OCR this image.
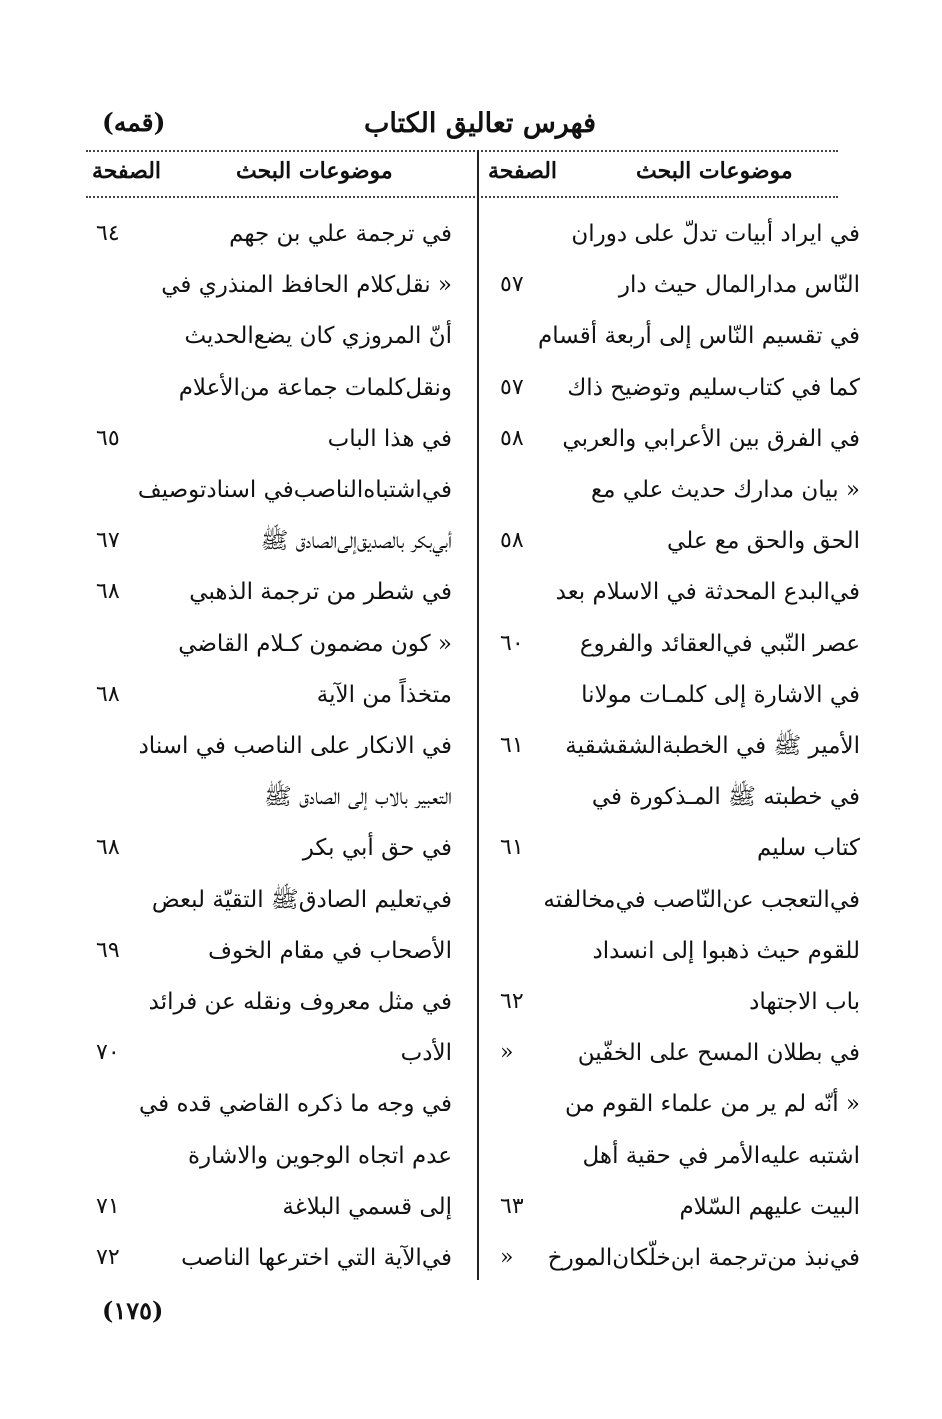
فهرس تعاليق الكتاب
(قمه)
موضوعات البحث
الصفحة
موضوعات البحث
الصفحة
في ايراد أبيات تدلّ على دوران
النّاس مدارالمال حيث دار
٥٧
في تقسيم النّاس إلى أربعة أقسام
كما في كتاب‌سليم وتوضيح ذاك
٥٧
في الفرق بين الأعرابي والعربي
٥٨
« بيان مدارك حديث علي مع
الحق والحق مع علي
٥٨
في‌البدع المحدثة في الاسلام بعد
عصر النّبي في‌العقائد والفروع
٦٠
في الاشارة إلى كلمـات مولانا
الأمير ﷺ في الخطبة‌الشقشقية
٦١
في خطبته ﷺ المـذكورة في
كتاب سليم
٦١
في‌التعجب عن‌النّاصب في‌مخالفته
للقوم حيث ذهبوا إلى انسداد
باب الاجتهاد
٦٢
في بطلان المسح على الخفّين
«
« أنّه لم ير من علماء القوم من
اشتبه عليه‌الأمر في حقية أهل
البيت عليهم السّلام
٦٣
في‌نبذ من‌ترجمة ابن‌خلّكان‌المورخ
«
في ترجمة علي بن جهم
٦٤
« نقل‌كلام الحافظ المنذري في
أنّ المروزي كان يضع‌الحديث
ونقل‌كلمات جماعة من‌الأعلام
في هذا الباب
٦٥
في‌اشتباه‌الناصب‌في اسنادتوصيف
أبي‌بكر بالصديق‌إلى‌الصادق ﷺ
٦٧
في شطر من ترجمة الذهبي
٦٨
« كون مضمون كـلام القاضي
متخذاً من الآية
٦٨
في الانكار على الناصب في اسناد
التعبير بالاب إلى الصادق ﷺ
في حق أبي بكر
٦٨
في‌تعليم الصادق‌ﷺ التقيّة لبعض
الأصحاب في مقام الخوف
٦٩
في مثل معروف ونقله عن فرائد
الأدب
٧٠
في وجه ما ذكره القاضي قده في
عدم اتجاه الوجوين والاشارة
إلى قسمي البلاغة
٧١
في‌الآية التي اخترعها الناصب
٧٢
(١٧٥)
